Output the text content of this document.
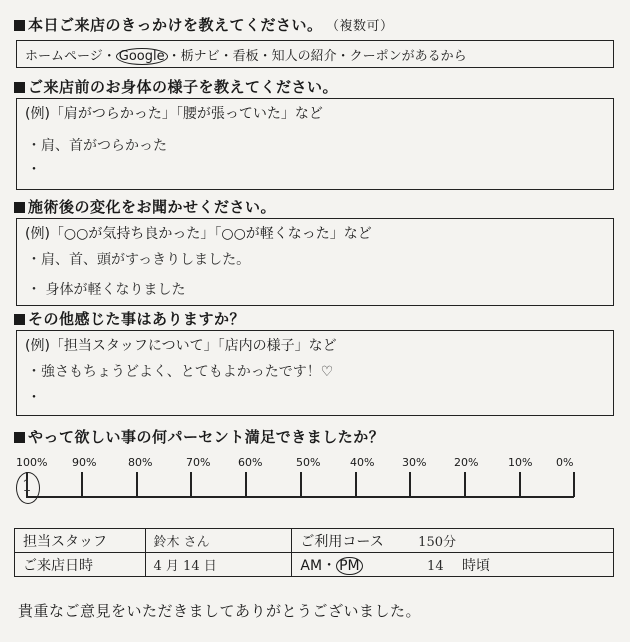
本日ご来店のきっかけを教えてください。 （複数可）
ホームページ・ Google ・栃ナビ・看板・知人の紹介・クーポンがあるから
ご来店前のお身体の様子を教えてください。
(例)「肩がつらかった」「腰が張っていた」など
・肩、首がつらかった
・
施術後の変化をお聞かせください。
(例)「○○が気持ち良かった」「○○が軽くなった」など
・肩、首、頭がすっきりしました。
・ 身体が軽くなりました
その他感じた事はありますか？
(例)「担当スタッフについて」「店内の様子」など
・強さもちょうどよく、とてもよかったです！♡
・
やって欲しい事の何パーセント満足できましたか？
100% 90%	80%	70%	60%	50%	40%	30%	20%	10% 0%
1
担当スタッフ	鈴木 さん	ご利用コース 150分
ご来店日時	4 月 14 日	AM・ PM 14 時頃
貴重なご意見をいただきましてありがとうございました。
